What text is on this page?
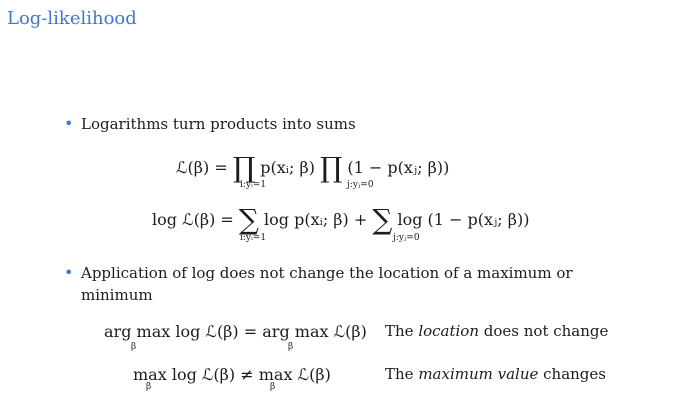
Log-likelihood
• Logarithms turn products into sums
ℒ(β) = ∏ p(xᵢ; β) ∏ (1 − p(xⱼ; β))
i:yᵢ=1	j:yⱼ=0
log ℒ(β) = ∑ log p(xᵢ; β) + ∑ log (1 − p(xⱼ; β))
i:yᵢ=1	j:yⱼ=0
• Application of log does not change the location of a maximum or
minimum
arg max log ℒ(β) = arg max ℒ(β)
β	β
The location does not change
max log ℒ(β) ≠ max ℒ(β)
β	β
The maximum value changes
